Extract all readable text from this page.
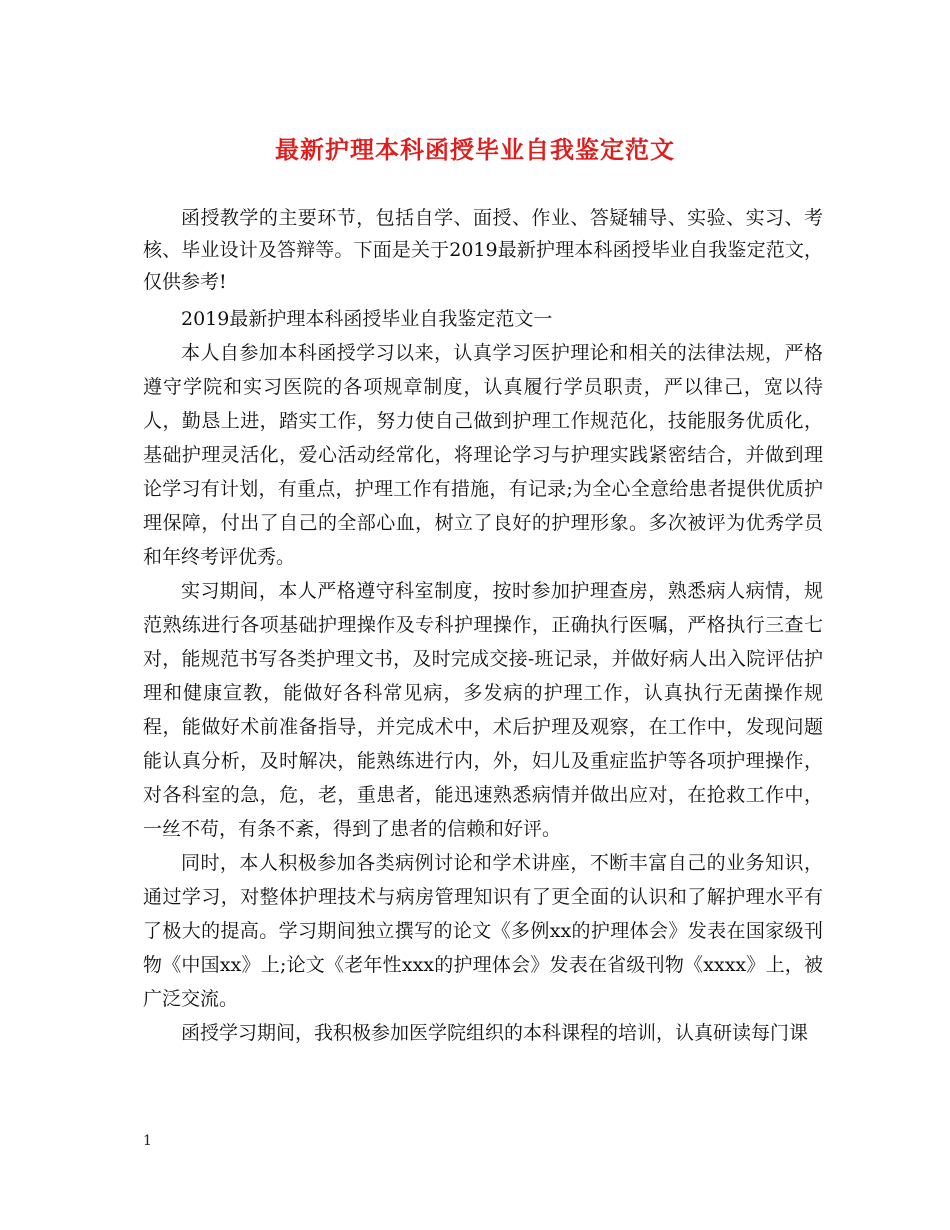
最新护理本科函授毕业自我鉴定范文

函授教学的主要环节，包括自学、面授、作业、答疑辅导、实验、实习、考核、毕业设计及答辩等。下面是关于2019最新护理本科函授毕业自我鉴定范文，仅供参考!

2019最新护理本科函授毕业自我鉴定范文一

本人自参加本科函授学习以来，认真学习医护理论和相关的法律法规，严格遵守学院和实习医院的各项规章制度，认真履行学员职责，严以律己，宽以待人，勤恳上进，踏实工作，努力使自己做到护理工作规范化，技能服务优质化，基础护理灵活化，爱心活动经常化，将理论学习与护理实践紧密结合，并做到理论学习有计划，有重点，护理工作有措施，有记录;为全心全意给患者提供优质护理保障，付出了自己的全部心血，树立了良好的护理形象。多次被评为优秀学员和年终考评优秀。

实习期间，本人严格遵守科室制度，按时参加护理查房，熟悉病人病情，规范熟练进行各项基础护理操作及专科护理操作，正确执行医嘱，严格执行三查七对，能规范书写各类护理文书，及时完成交接-班记录，并做好病人出入院评估护理和健康宣教，能做好各科常见病，多发病的护理工作，认真执行无菌操作规程，能做好术前准备指导，并完成术中，术后护理及观察，在工作中，发现问题能认真分析，及时解决，能熟练进行内，外，妇儿及重症监护等各项护理操作，对各科室的急，危，老，重患者，能迅速熟悉病情并做出应对，在抢救工作中，一丝不苟，有条不紊，得到了患者的信赖和好评。

同时，本人积极参加各类病例讨论和学术讲座，不断丰富自己的业务知识，通过学习，对整体护理技术与病房管理知识有了更全面的认识和了解护理水平有了极大的提高。学习期间独立撰写的论文《多例xx的护理体会》发表在国家级刊物《中国xx》上;论文《老年性xxx的护理体会》发表在省级刊物《xxxx》上，被广泛交流。

函授学习期间，我积极参加医学院组织的本科课程的培训，认真研读每门课

1
